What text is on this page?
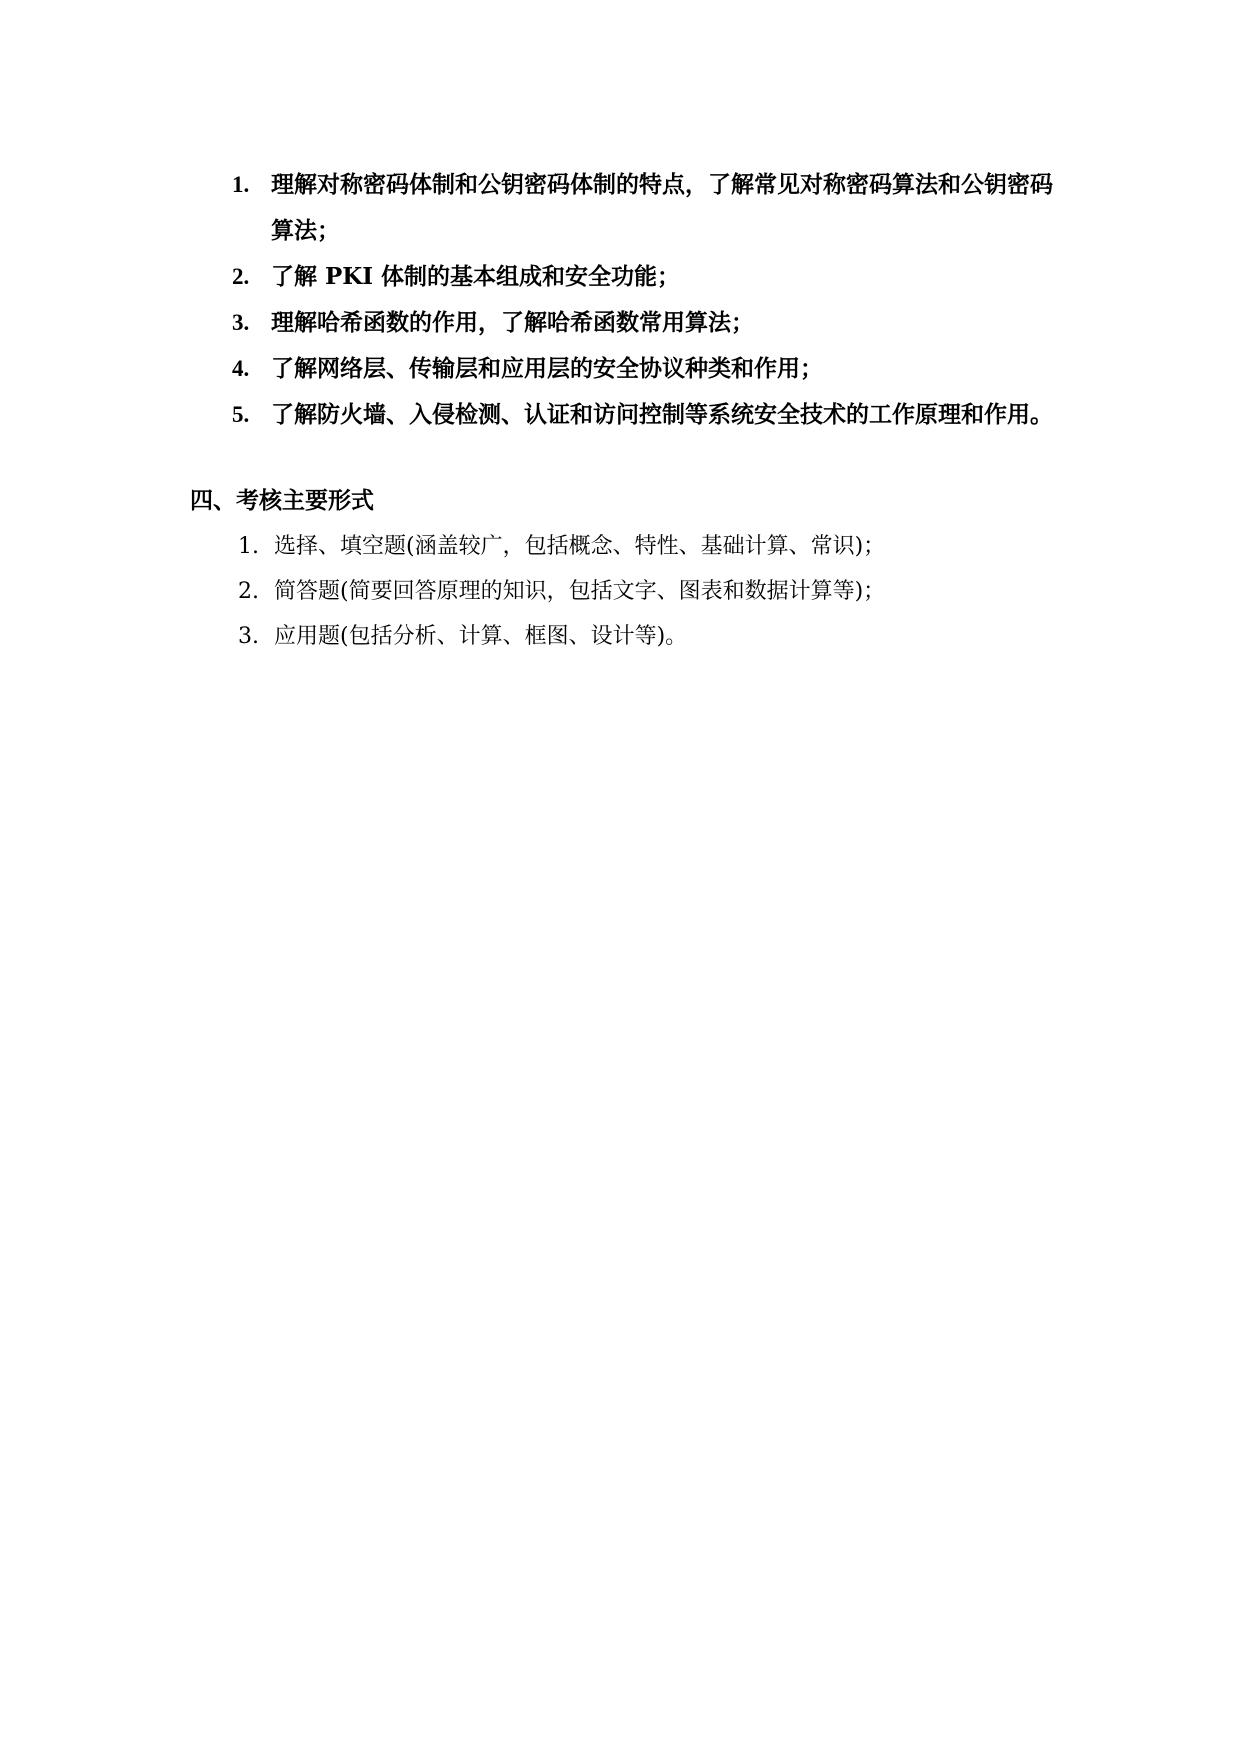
1. 理解对称密码体制和公钥密码体制的特点，了解常见对称密码算法和公钥密码算法；
2. 了解 PKI 体制的基本组成和安全功能；
3. 理解哈希函数的作用，了解哈希函数常用算法；
4. 了解网络层、传输层和应用层的安全协议种类和作用；
5. 了解防火墙、入侵检测、认证和访问控制等系统安全技术的工作原理和作用。
四、考核主要形式
1. 选择、填空题(涵盖较广，包括概念、特性、基础计算、常识)；
2. 简答题(简要回答原理的知识，包括文字、图表和数据计算等)；
3. 应用题(包括分析、计算、框图、设计等)。
